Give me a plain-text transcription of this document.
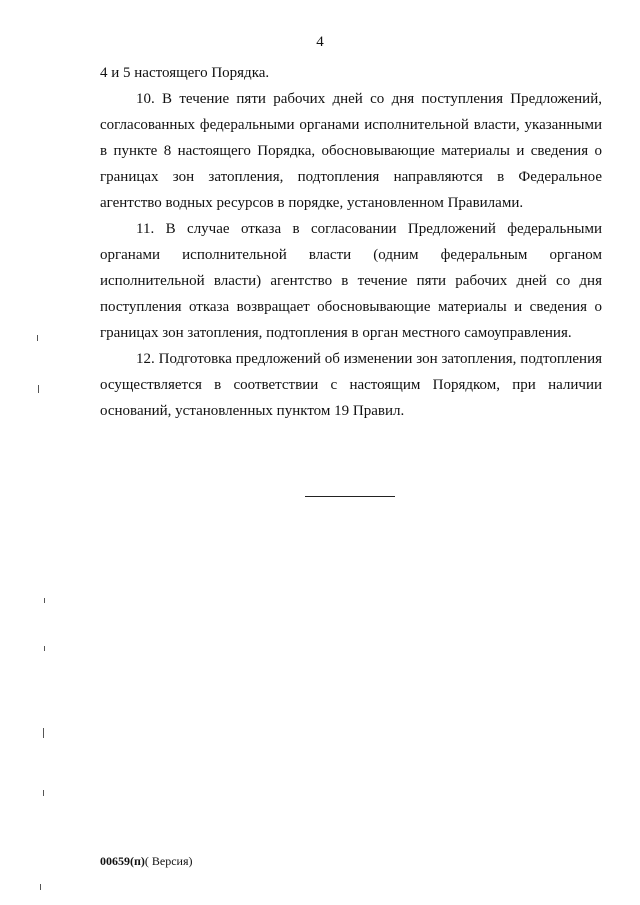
4

4 и 5 настоящего Порядка.

10. В течение пяти рабочих дней со дня поступления Предложений, согласованных федеральными органами исполнительной власти, указанными в пункте 8 настоящего Порядка, обосновывающие материалы и сведения о границах зон затопления, подтопления направляются в Федеральное агентство водных ресурсов в порядке, установленном Правилами.

11. В случае отказа в согласовании Предложений федеральными органами исполнительной власти (одним федеральным органом исполнительной власти) агентство в течение пяти рабочих дней со дня поступления отказа возвращает обосновывающие материалы и сведения о границах зон затопления, подтопления в орган местного самоуправления.

12. Подготовка предложений об изменении зон затопления, подтопления осуществляется в соответствии с настоящим Порядком, при наличии оснований, установленных пунктом 19 Правил.

00659(п)( Версия)
